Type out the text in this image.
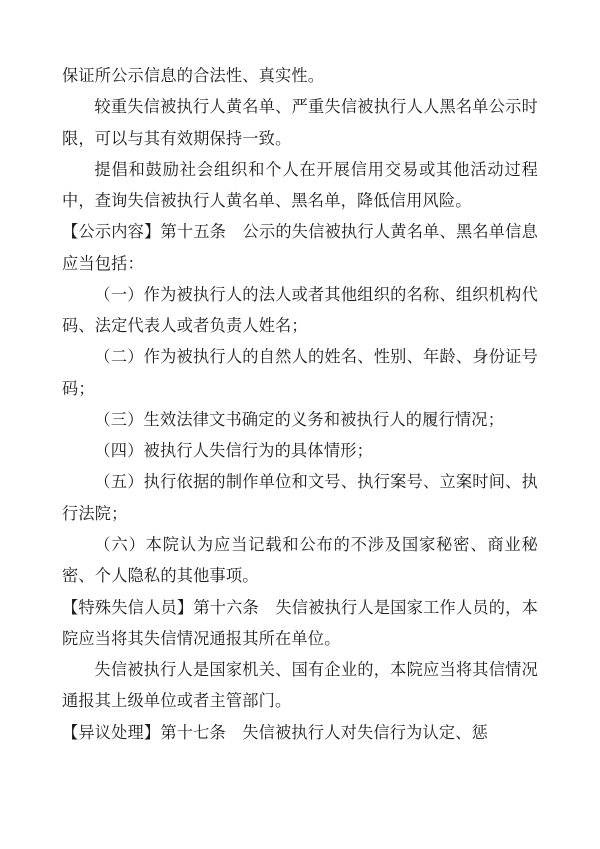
保证所公示信息的合法性、真实性。

较重失信被执行人黄名单、严重失信被执行人人黑名单公示时限，可以与其有效期保持一致。

提倡和鼓励社会组织和个人在开展信用交易或其他活动过程中，查询失信被执行人黄名单、黑名单，降低信用风险。

【公示内容】第十五条　公示的失信被执行人黄名单、黑名单信息应当包括：

（一）作为被执行人的法人或者其他组织的名称、组织机构代码、法定代表人或者负责人姓名；

（二）作为被执行人的自然人的姓名、性别、年龄、身份证号码；

（三）生效法律文书确定的义务和被执行人的履行情况；

（四）被执行人失信行为的具体情形；

（五）执行依据的制作单位和文号、执行案号、立案时间、执行法院；

（六）本院认为应当记载和公布的不涉及国家秘密、商业秘密、个人隐私的其他事项。

【特殊失信人员】第十六条　失信被执行人是国家工作人员的，本院应当将其失信情况通报其所在单位。

失信被执行人是国家机关、国有企业的，本院应当将其信情况通报其上级单位或者主管部门。

【异议处理】第十七条　失信被执行人对失信行为认定、惩
